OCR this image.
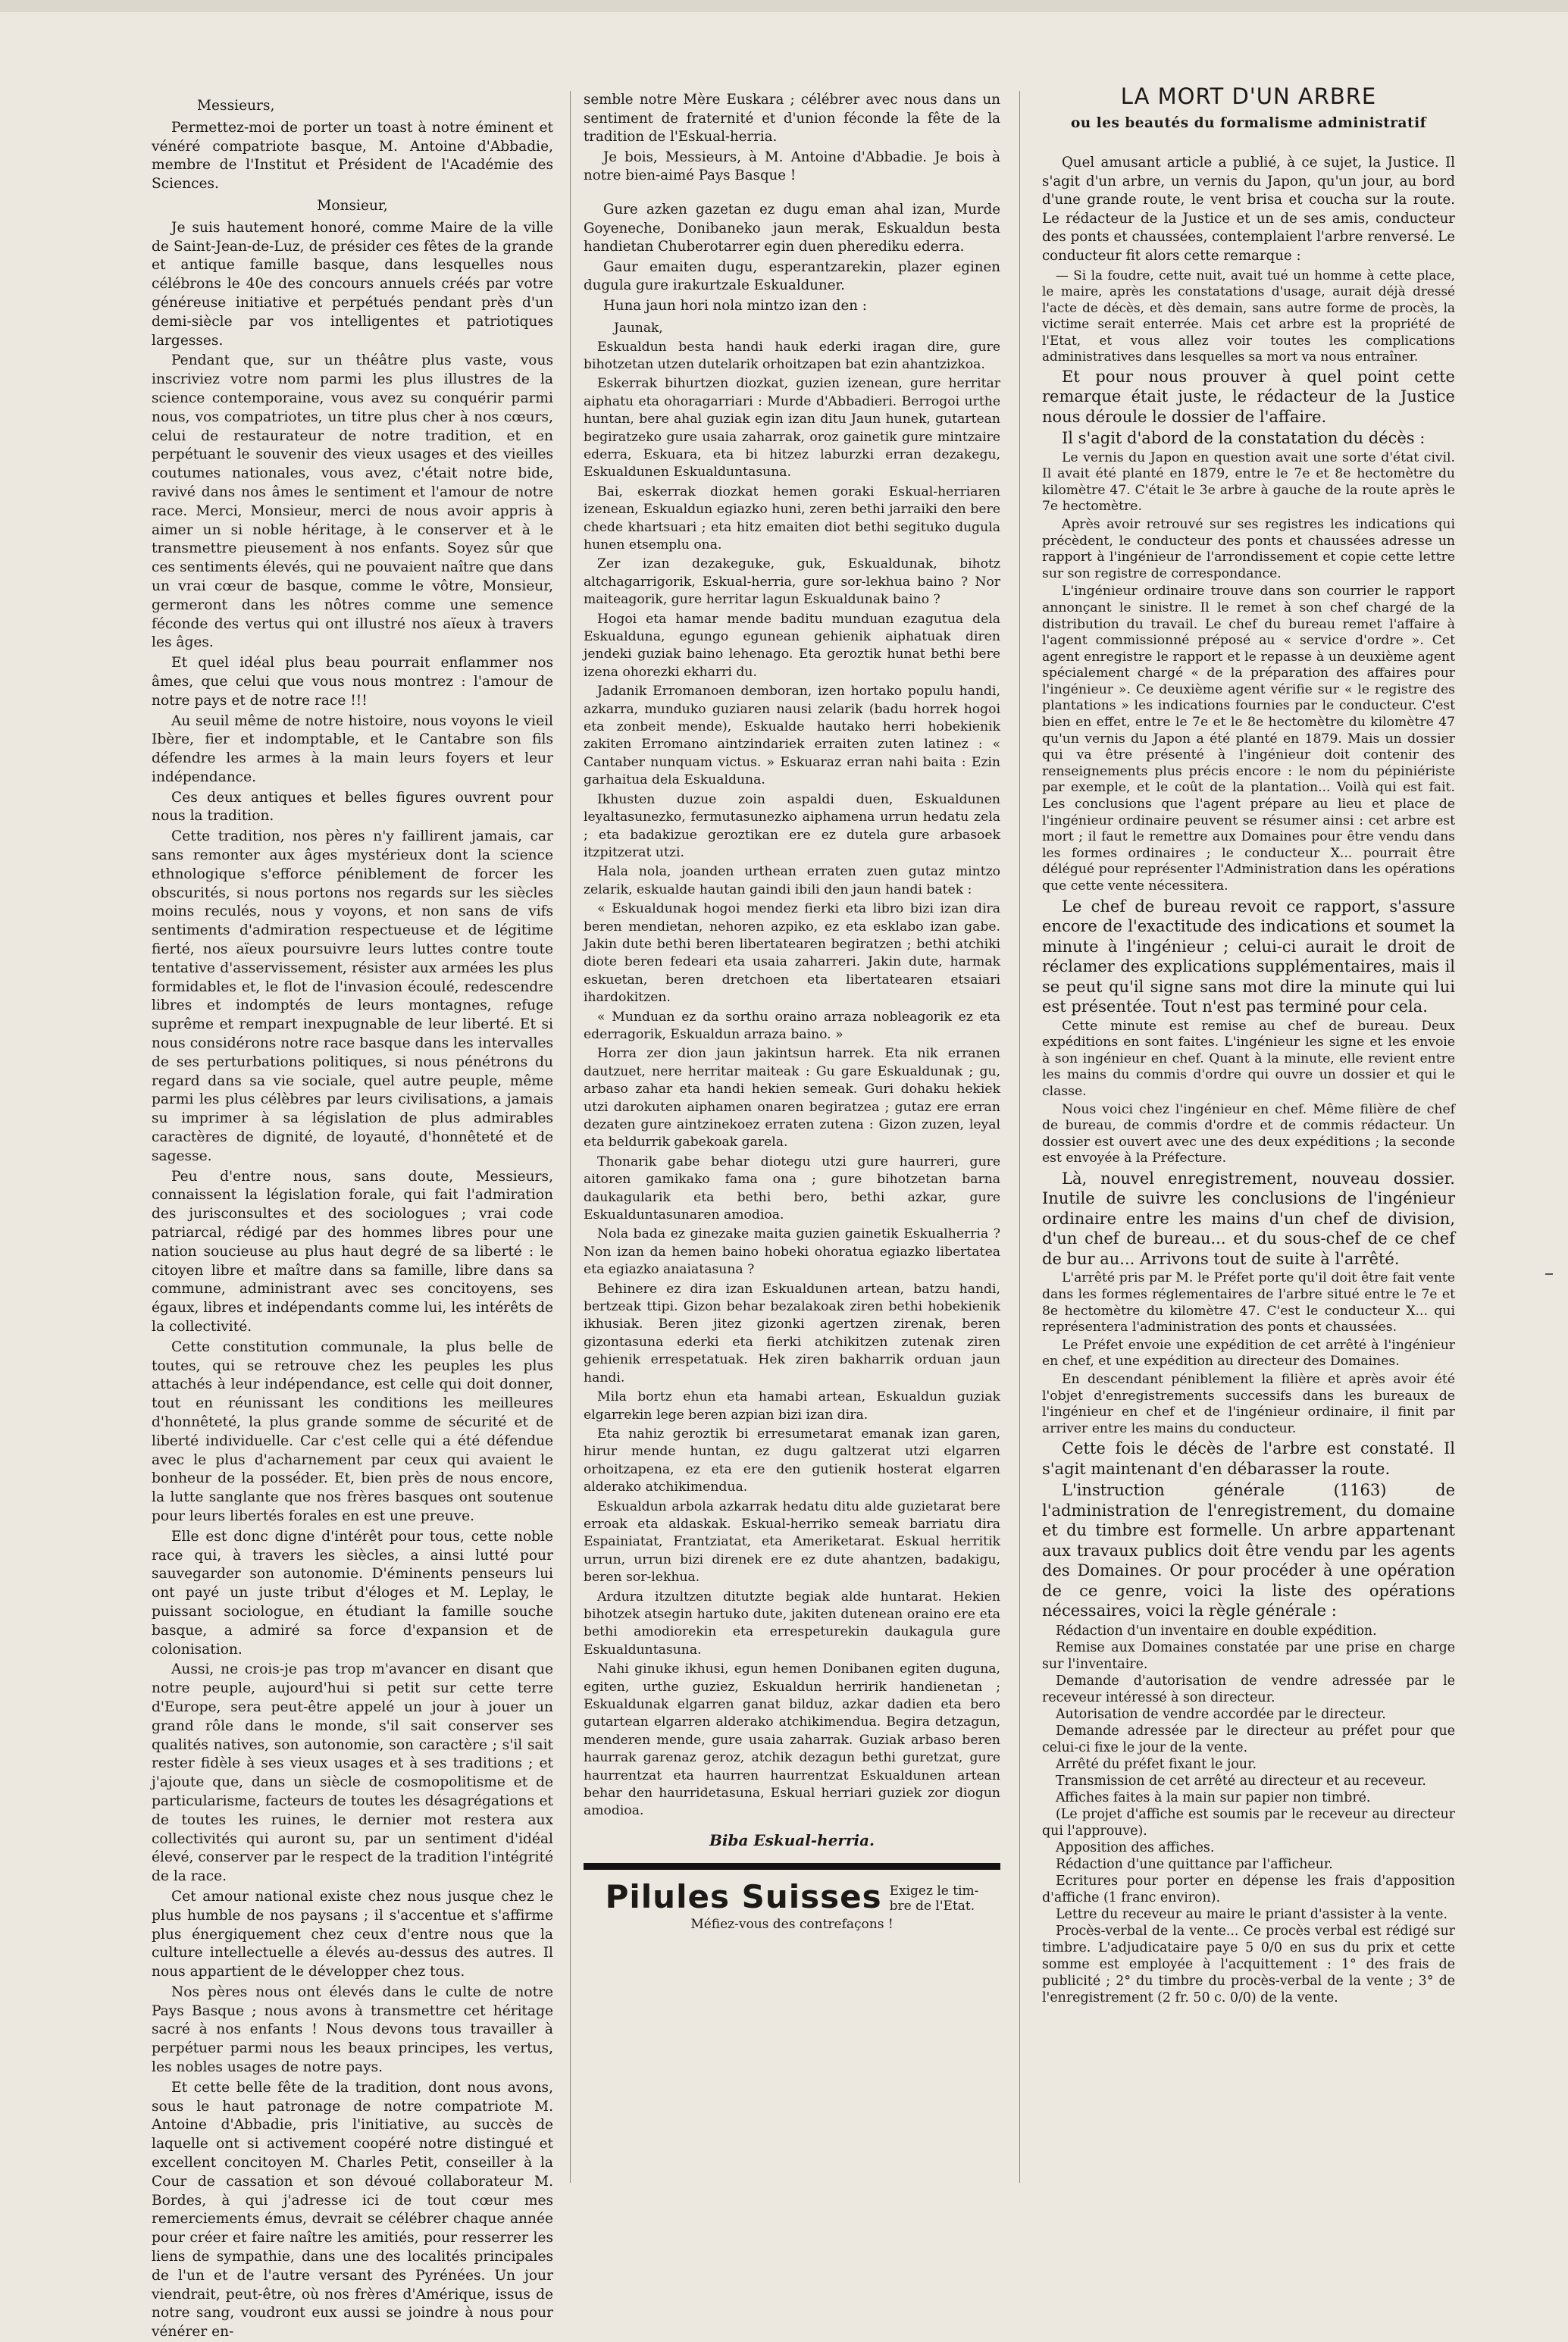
Messieurs,

Permettez-moi de porter un toast à notre éminent et vénéré compatriote basque, M. Antoine d'Abbadie, membre de l'Institut et Président de l'Académie des Sciences.

Monsieur,

Je suis hautement honoré, comme Maire de la ville de Saint-Jean-de-Luz, de présider ces fêtes de la grande et antique famille basque, dans lesquelles nous célébrons le 40e des concours annuels créés par votre généreuse initiative et perpétués pendant près d'un demi-siècle par vos intelligentes et patriotiques largesses.

Pendant que, sur un théâtre plus vaste, vous inscriviez votre nom parmi les plus illustres de la science contemporaine, vous avez su conquérir parmi nous, vos compatriotes, un titre plus cher à nos cœurs, celui de restaurateur de notre tradition, et en perpétuant le souvenir des vieux usages et des vieilles coutumes nationales, vous avez, c'était notre bide, ravivé dans nos âmes le sentiment et l'amour de notre race. Merci, Monsieur, merci de nous avoir appris à aimer un si noble héritage, à le conserver et à le transmettre pieusement à nos enfants. Soyez sûr que ces sentiments élevés, qui ne pouvaient naître que dans un vrai cœur de basque, comme le vôtre, Monsieur, germeront dans les nôtres comme une semence féconde des vertus qui ont illustré nos aïeux à travers les âges.

Et quel idéal plus beau pourrait enflammer nos âmes, que celui que vous nous montrez : l'amour de notre pays et de notre race !!!

Au seuil même de notre histoire, nous voyons le vieil Ibère, fier et indomptable, et le Cantabre son fils défendre les armes à la main leurs foyers et leur indépendance.

Ces deux antiques et belles figures ouvrent pour nous la tradition.

Cette tradition, nos pères n'y faillirent jamais, car sans remonter aux âges mystérieux dont la science ethnologique s'efforce péniblement de forcer les obscurités, si nous portons nos regards sur les siècles moins reculés, nous y voyons, et non sans de vifs sentiments d'admiration respectueuse et de légitime fierté, nos aïeux poursuivre leurs luttes contre toute tentative d'asservissement, résister aux armées les plus formidables et, le flot de l'invasion écoulé, redescendre libres et indomptés de leurs montagnes, refuge suprême et rempart inexpugnable de leur liberté. Et si nous considérons notre race basque dans les intervalles de ses perturbations politiques, si nous pénétrons du regard dans sa vie sociale, quel autre peuple, même parmi les plus célèbres par leurs civilisations, a jamais su imprimer à sa législation de plus admirables caractères de dignité, de loyauté, d'honnêteté et de sagesse.

Peu d'entre nous, sans doute, Messieurs, connaissent la législation forale, qui fait l'admiration des jurisconsultes et des sociologues ; vrai code patriarcal, rédigé par des hommes libres pour une nation soucieuse au plus haut degré de sa liberté : le citoyen libre et maître dans sa famille, libre dans sa commune, administrant avec ses concitoyens, ses égaux, libres et indépendants comme lui, les intérêts de la collectivité.

Cette constitution communale, la plus belle de toutes, qui se retrouve chez les peuples les plus attachés à leur indépendance, est celle qui doit donner, tout en réunissant les conditions les meilleures d'honnêteté, la plus grande somme de sécurité et de liberté individuelle. Car c'est celle qui a été défendue avec le plus d'acharnement par ceux qui avaient le bonheur de la posséder. Et, bien près de nous encore, la lutte sanglante que nos frères basques ont soutenue pour leurs libertés forales en est une preuve.

Elle est donc digne d'intérêt pour tous, cette noble race qui, à travers les siècles, a ainsi lutté pour sauvegarder son autonomie. D'éminents penseurs lui ont payé un juste tribut d'éloges et M. Leplay, le puissant sociologue, en étudiant la famille souche basque, a admiré sa force d'expansion et de colonisation.

Aussi, ne crois-je pas trop m'avancer en disant que notre peuple, aujourd'hui si petit sur cette terre d'Europe, sera peut-être appelé un jour à jouer un grand rôle dans le monde, s'il sait conserver ses qualités natives, son autonomie, son caractère ; s'il sait rester fidèle à ses vieux usages et à ses traditions ; et j'ajoute que, dans un siècle de cosmopolitisme et de particularisme, facteurs de toutes les désagrégations et de toutes les ruines, le dernier mot restera aux collectivités qui auront su, par un sentiment d'idéal élevé, conserver par le respect de la tradition l'intégrité de la race.

Cet amour national existe chez nous jusque chez le plus humble de nos paysans ; il s'accentue et s'affirme plus énergiquement chez ceux d'entre nous que la culture intellectuelle a élevés au-dessus des autres. Il nous appartient de le développer chez tous.

Nos pères nous ont élevés dans le culte de notre Pays Basque ; nous avons à transmettre cet héritage sacré à nos enfants ! Nous devons tous travailler à perpétuer parmi nous les beaux principes, les vertus, les nobles usages de notre pays.

Et cette belle fête de la tradition, dont nous avons, sous le haut patronage de notre compatriote M. Antoine d'Abbadie, pris l'initiative, au succès de laquelle ont si activement coopéré notre distingué et excellent concitoyen M. Charles Petit, conseiller à la Cour de cassation et son dévoué collaborateur M. Bordes, à qui j'adresse ici de tout cœur mes remerciements émus, devrait se célébrer chaque année pour créer et faire naître les amitiés, pour resserrer les liens de sympathie, dans une des localités principales de l'un et de l'autre versant des Pyrénées. Un jour viendrait, peut-être, où nos frères d'Amérique, issus de notre sang, voudront eux aussi se joindre à nous pour vénérer en-

semble notre Mère Euskara ; célébrer avec nous dans un sentiment de fraternité et d'union féconde la fête de la tradition de l'Eskual-herria.

Je bois, Messieurs, à M. Antoine d'Abbadie. Je bois à notre bien-aimé Pays Basque !

Gure azken gazetan ez dugu eman ahal izan, Murde Goyeneche, Donibaneko jaun merak, Eskualdun besta handietan Chuberotarrer egin duen pherediku ederra.

Gaur emaiten dugu, esperantzarekin, plazer eginen dugula gure irakurtzale Eskualduner.

Huna jaun hori nola mintzo izan den :

Jaunak,

Eskualdun besta handi hauk ederki iragan dire, gure bihotzetan utzen dutelarik orhoitzapen bat ezin ahantzizkoa.

Eskerrak bihurtzen diozkat, guzien izenean, gure herritar aiphatu eta ohoragarriari : Murde d'Abbadieri. Berrogoi urthe huntan, bere ahal guziak egin izan ditu Jaun hunek, gutartean begiratzeko gure usaia zaharrak, oroz gainetik gure mintzaire ederra, Eskuara, eta bi hitzez laburzki erran dezakegu, Eskualdunen Eskualduntasuna.

Bai, eskerrak diozkat hemen goraki Eskual-herriaren izenean, Eskualdun egiazko huni, zeren bethi jarraiki den bere chede khartsuari ; eta hitz emaiten diot bethi segituko dugula hunen etsemplu ona.

Zer izan dezakeguke, guk, Eskualdunak, bihotz altchagarrigorik, Eskual-herria, gure sor-lekhua baino ? Nor maiteagorik, gure herritar lagun Eskualdunak baino ?

Hogoi eta hamar mende baditu munduan ezagutua dela Eskualduna, egungo egunean gehienik aiphatuak diren jendeki guziak baino lehenago. Eta geroztik hunat bethi bere izena ohorezki ekharri du.

Jadanik Erromanoen demboran, izen hortako populu handi, azkarra, munduko guziaren nausi zelarik (badu horrek hogoi eta zonbeit mende), Eskualde hautako herri hobekienik zakiten Erromano aintzindariek erraiten zuten latinez : « Cantaber nunquam victus. » Eskuaraz erran nahi baita : Ezin garhaitua dela Eskualduna.

Ikhusten duzue zoin aspaldi duen, Eskualdunen leyaltasunezko, fermutasunezko aiphamena urrun hedatu zela ; eta badakizue geroztikan ere ez dutela gure arbasoek itzpitzerat utzi.

Hala nola, joanden urthean erraten zuen gutaz mintzo zelarik, eskualde hautan gaindi ibili den jaun handi batek :

« Eskualdunak hogoi mendez fierki eta libro bizi izan dira beren mendietan, nehoren azpiko, ez eta esklabo izan gabe. Jakin dute bethi beren libertatearen begiratzen ; bethi atchiki diote beren fedeari eta usaia zaharreri. Jakin dute, harmak eskuetan, beren dretchoen eta libertatearen etsaiari ihardokitzen.

« Munduan ez da sorthu oraino arraza nobleagorik ez eta ederragorik, Eskualdun arraza baino. »

Horra zer dion jaun jakintsun harrek. Eta nik erranen dautzuet, nere herritar maiteak : Gu gare Eskualdunak ; gu, arbaso zahar eta handi hekien semeak. Guri dohaku hekiek utzi darokuten aiphamen onaren begiratzea ; gutaz ere erran dezaten gure aintzinekoez erraten zutena : Gizon zuzen, leyal eta beldurrik gabekoak garela.

Thonarik gabe behar diotegu utzi gure haurreri, gure aitoren gamikako fama ona ; gure bihotzetan barna daukagularik eta bethi bero, bethi azkar, gure Eskualduntasunaren amodioa.

Nola bada ez ginezake maita guzien gainetik Eskualherria ? Non izan da hemen baino hobeki ohoratua egiazko libertatea eta egiazko anaiatasuna ?

Behinere ez dira izan Eskualdunen artean, batzu handi, bertzeak ttipi. Gizon behar bezalakoak ziren bethi hobekienik ikhusiak. Beren jitez gizonki agertzen zirenak, beren gizontasuna ederki eta fierki atchikitzen zutenak ziren gehienik errespetatuak. Hek ziren bakharrik orduan jaun handi.

Mila bortz ehun eta hamabi artean, Eskualdun guziak elgarrekin lege beren azpian bizi izan dira.

Eta nahiz geroztik bi erresumetarat emanak izan garen, hirur mende huntan, ez dugu galtzerat utzi elgarren orhoitzapena, ez eta ere den gutienik hosterat elgarren alderako atchikimendua.

Eskualdun arbola azkarrak hedatu ditu alde guzietarat bere erroak eta aldaskak. Eskual-herriko semeak barriatu dira Espainiatat, Frantziatat, eta Ameriketarat. Eskual herritik urrun, urrun bizi direnek ere ez dute ahantzen, badakigu, beren sor-lekhua.

Ardura itzultzen ditutzte begiak alde huntarat. Hekien bihotzek atsegin hartuko dute, jakiten dutenean oraino ere eta bethi amodiorekin eta errespeturekin daukagula gure Eskualduntasuna.

Nahi ginuke ikhusi, egun hemen Donibanen egiten duguna, egiten, urthe guziez, Eskualdun herririk handienetan ; Eskualdunak elgarren ganat bilduz, azkar dadien eta bero gutartean elgarren alderako atchikimendua. Begira detzagun, menderen mende, gure usaia zaharrak. Guziak arbaso beren haurrak garenaz geroz, atchik dezagun bethi guretzat, gure haurrentzat eta haurren haurrentzat Eskualdunen artean behar den haurridetasuna, Eskual herriari guziek zor diogun amodioa.

Biba Eskual-herria.

Pilules Suisses Exigez le tim-
bre de l'Etat.
Méfiez-vous des contrefaçons !
LA MORT D'UN ARBRE
ou les beautés du formalisme administratif

Quel amusant article a publié, à ce sujet, la Justice. Il s'agit d'un arbre, un vernis du Japon, qu'un jour, au bord d'une grande route, le vent brisa et coucha sur la route. Le rédacteur de la Justice et un de ses amis, conducteur des ponts et chaussées, contemplaient l'arbre renversé. Le conducteur fit alors cette remarque :

— Si la foudre, cette nuit, avait tué un homme à cette place, le maire, après les constatations d'usage, aurait déjà dressé l'acte de décès, et dès demain, sans autre forme de procès, la victime serait enterrée. Mais cet arbre est la propriété de l'Etat, et vous allez voir toutes les complications administratives dans lesquelles sa mort va nous entraîner.

Et pour nous prouver à quel point cette remarque était juste, le rédacteur de la Justice nous déroule le dossier de l'affaire.

Il s'agit d'abord de la constatation du décès :

Le vernis du Japon en question avait une sorte d'état civil. Il avait été planté en 1879, entre le 7e et 8e hectomètre du kilomètre 47. C'était le 3e arbre à gauche de la route après le 7e hectomètre.

Après avoir retrouvé sur ses registres les indications qui précèdent, le conducteur des ponts et chaussées adresse un rapport à l'ingénieur de l'arrondissement et copie cette lettre sur son registre de correspondance.

L'ingénieur ordinaire trouve dans son courrier le rapport annonçant le sinistre. Il le remet à son chef chargé de la distribution du travail. Le chef du bureau remet l'affaire à l'agent commissionné préposé au « service d'ordre ». Cet agent enregistre le rapport et le repasse à un deuxième agent spécialement chargé « de la préparation des affaires pour l'ingénieur ». Ce deuxième agent vérifie sur « le registre des plantations » les indications fournies par le conducteur. C'est bien en effet, entre le 7e et le 8e hectomètre du kilomètre 47 qu'un vernis du Japon a été planté en 1879. Mais un dossier qui va être présenté à l'ingénieur doit contenir des renseignements plus précis encore : le nom du pépiniériste par exemple, et le coût de la plantation... Voilà qui est fait. Les conclusions que l'agent prépare au lieu et place de l'ingénieur ordinaire peuvent se résumer ainsi : cet arbre est mort ; il faut le remettre aux Domaines pour être vendu dans les formes ordinaires ; le conducteur X... pourrait être délégué pour représenter l'Administration dans les opérations que cette vente nécessitera.

Le chef de bureau revoit ce rapport, s'assure encore de l'exactitude des indications et soumet la minute à l'ingénieur ; celui-ci aurait le droit de réclamer des explications supplémentaires, mais il se peut qu'il signe sans mot dire la minute qui lui est présentée. Tout n'est pas terminé pour cela.

Cette minute est remise au chef de bureau. Deux expéditions en sont faites. L'ingénieur les signe et les envoie à son ingénieur en chef. Quant à la minute, elle revient entre les mains du commis d'ordre qui ouvre un dossier et qui le classe.

Nous voici chez l'ingénieur en chef. Même filière de chef de bureau, de commis d'ordre et de commis rédacteur. Un dossier est ouvert avec une des deux expéditions ; la seconde est envoyée à la Préfecture.

Là, nouvel enregistrement, nouveau dossier. Inutile de suivre les conclusions de l'ingénieur ordinaire entre les mains d'un chef de division, d'un chef de bureau... et du sous-chef de ce chef de bur au... Arrivons tout de suite à l'arrêté.

L'arrêté pris par M. le Préfet porte qu'il doit être fait vente dans les formes réglementaires de l'arbre situé entre le 7e et 8e hectomètre du kilomètre 47. C'est le conducteur X... qui représentera l'administration des ponts et chaussées.

Le Préfet envoie une expédition de cet arrêté à l'ingénieur en chef, et une expédition au directeur des Domaines.

En descendant péniblement la filière et après avoir été l'objet d'enregistrements successifs dans les bureaux de l'ingénieur en chef et de l'ingénieur ordinaire, il finit par arriver entre les mains du conducteur.

Cette fois le décès de l'arbre est constaté. Il s'agit maintenant d'en débarasser la route.

L'instruction générale (1163) de l'administration de l'enregistrement, du domaine et du timbre est formelle. Un arbre appartenant aux travaux publics doit être vendu par les agents des Domaines. Or pour procéder à une opération de ce genre, voici la liste des opérations nécessaires, voici la règle générale :

Rédaction d'un inventaire en double expédition.

Remise aux Domaines constatée par une prise en charge sur l'inventaire.

Demande d'autorisation de vendre adressée par le receveur intéressé à son directeur.

Autorisation de vendre accordée par le directeur.

Demande adressée par le directeur au préfet pour que celui-ci fixe le jour de la vente.

Arrêté du préfet fixant le jour.

Transmission de cet arrêté au directeur et au receveur.

Affiches faites à la main sur papier non timbré.

(Le projet d'affiche est soumis par le receveur au directeur qui l'approuve).

Apposition des affiches.

Rédaction d'une quittance par l'afficheur.

Ecritures pour porter en dépense les frais d'apposition d'affiche (1 franc environ).

Lettre du receveur au maire le priant d'assister à la vente.

Procès-verbal de la vente... Ce procès verbal est rédigé sur timbre. L'adjudicataire paye 5 0/0 en sus du prix et cette somme est employée à l'acquittement : 1° des frais de publicité ; 2° du timbre du procès-verbal de la vente ; 3° de l'enregistrement (2 fr. 50 c. 0/0) de la vente.
